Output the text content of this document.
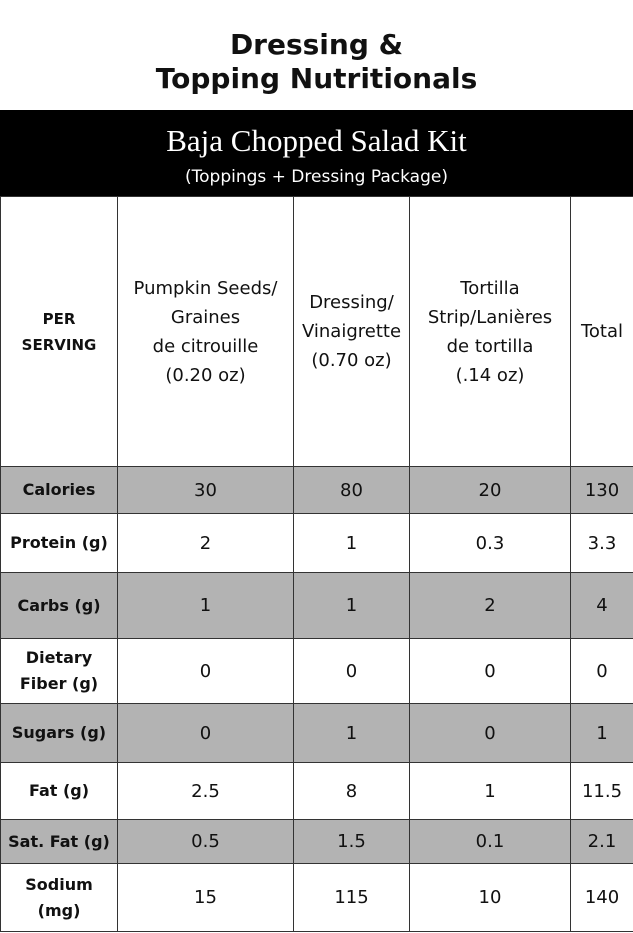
Dressing &
Topping Nutritionals
Baja Chopped Salad Kit
(Toppings + Dressing Package)
PER
SERVING	Pumpkin Seeds/
Graines
de citrouille
(0.20 oz)	Dressing/
Vinaigrette
(0.70 oz)	Tortilla
Strip/Lanières
de tortilla
(.14 oz)	Total

Calories	30	80	20	130

Protein (g)	2	1	0.3	3.3

Carbs (g)	1	1	2	4

Dietary
Fiber (g)	0	0	0	0

Sugars (g)	0	1	0	1

Fat (g)	2.5	8	1	11.5

Sat. Fat (g)	0.5	1.5	0.1	2.1

Sodium
(mg)	15	115	10	140
